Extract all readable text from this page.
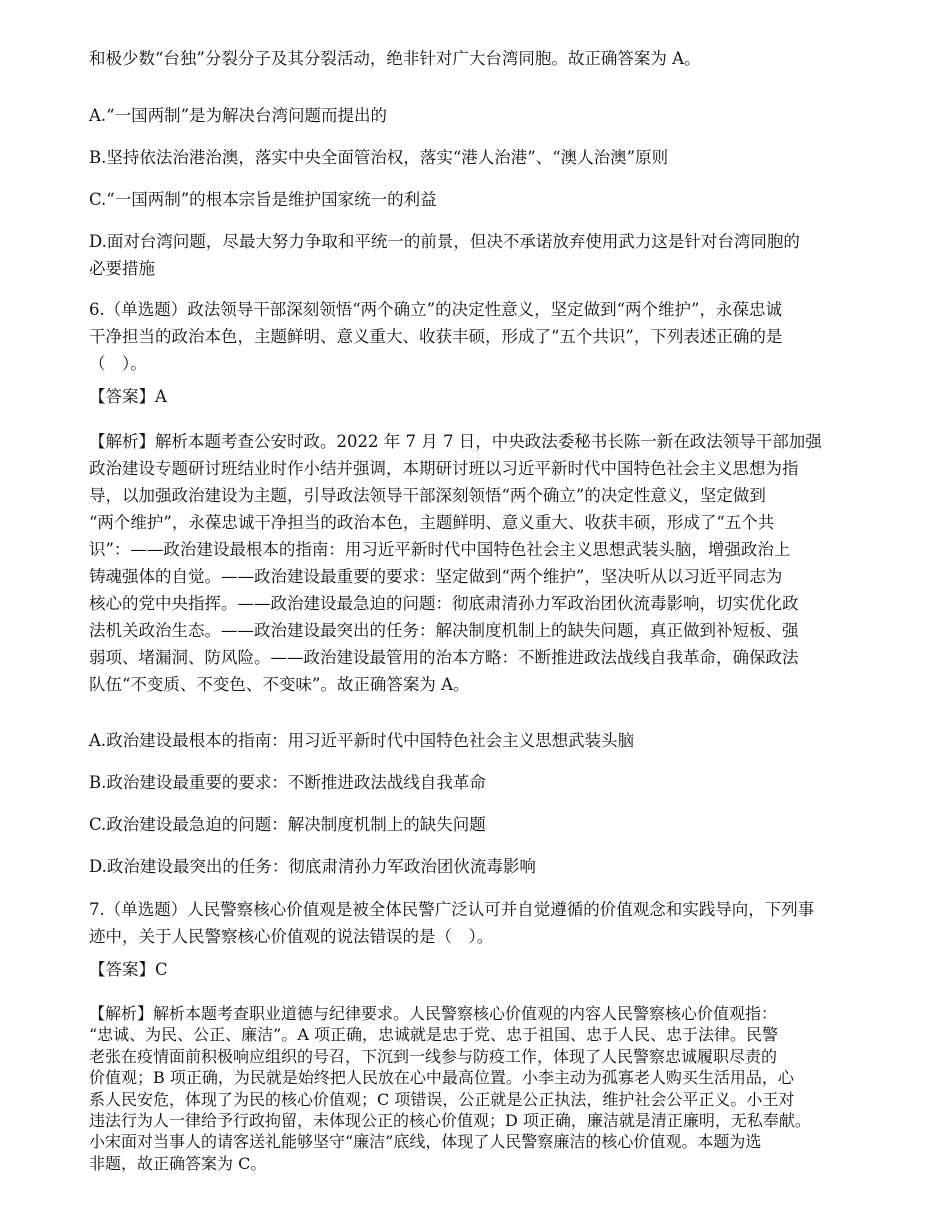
和极少数“台独”分裂分子及其分裂活动，绝非针对广大台湾同胞。故正确答案为 A。

A.“一国两制”是为解决台湾问题而提出的

B.坚持依法治港治澳，落实中央全面管治权，落实“港人治港”、“澳人治澳”原则

C.“一国两制”的根本宗旨是维护国家统一的利益

D.面对台湾问题，尽最大努力争取和平统一的前景，但决不承诺放弃使用武力这是针对台湾同胞的

必要措施

6.（单选题）政法领导干部深刻领悟“两个确立”的决定性意义，坚定做到“两个维护”，永葆忠诚

干净担当的政治本色，主题鲜明、意义重大、收获丰硕，形成了“五个共识”，下列表述正确的是

（　）。

【答案】A

【解析】解析本题考查公安时政。2022 年 7 月 7 日，中央政法委秘书长陈一新在政法领导干部加强

政治建设专题研讨班结业时作小结并强调，本期研讨班以习近平新时代中国特色社会主义思想为指

导，以加强政治建设为主题，引导政法领导干部深刻领悟“两个确立”的决定性意义，坚定做到

“两个维护”，永葆忠诚干净担当的政治本色，主题鲜明、意义重大、收获丰硕，形成了“五个共

识”：——政治建设最根本的指南：用习近平新时代中国特色社会主义思想武装头脑，增强政治上

铸魂强体的自觉。——政治建设最重要的要求：坚定做到“两个维护”，坚决听从以习近平同志为

核心的党中央指挥。——政治建设最急迫的问题：彻底肃清孙力军政治团伙流毒影响，切实优化政

法机关政治生态。——政治建设最突出的任务：解决制度机制上的缺失问题，真正做到补短板、强

弱项、堵漏洞、防风险。——政治建设最管用的治本方略：不断推进政法战线自我革命，确保政法

队伍“不变质、不变色、不变味”。故正确答案为 A。

A.政治建设最根本的指南：用习近平新时代中国特色社会主义思想武装头脑

B.政治建设最重要的要求：不断推进政法战线自我革命

C.政治建设最急迫的问题：解决制度机制上的缺失问题

D.政治建设最突出的任务：彻底肃清孙力军政治团伙流毒影响

7.（单选题）人民警察核心价值观是被全体民警广泛认可并自觉遵循的价值观念和实践导向，下列事

迹中，关于人民警察核心价值观的说法错误的是（　）。

【答案】C

【解析】解析本题考查职业道德与纪律要求。人民警察核心价值观的内容人民警察核心价值观指：

“忠诚、为民、公正、廉洁”。A 项正确，忠诚就是忠于党、忠于祖国、忠于人民、忠于法律。民警

老张在疫情面前积极响应组织的号召，下沉到一线参与防疫工作，体现了人民警察忠诚履职尽责的

价值观；B 项正确，为民就是始终把人民放在心中最高位置。小李主动为孤寡老人购买生活用品，心

系人民安危，体现了为民的核心价值观；C 项错误，公正就是公正执法，维护社会公平正义。小王对

违法行为人一律给予行政拘留，未体现公正的核心价值观；D 项正确，廉洁就是清正廉明，无私奉献。

小宋面对当事人的请客送礼能够坚守“廉洁”底线，体现了人民警察廉洁的核心价值观。本题为选

非题，故正确答案为 C。
